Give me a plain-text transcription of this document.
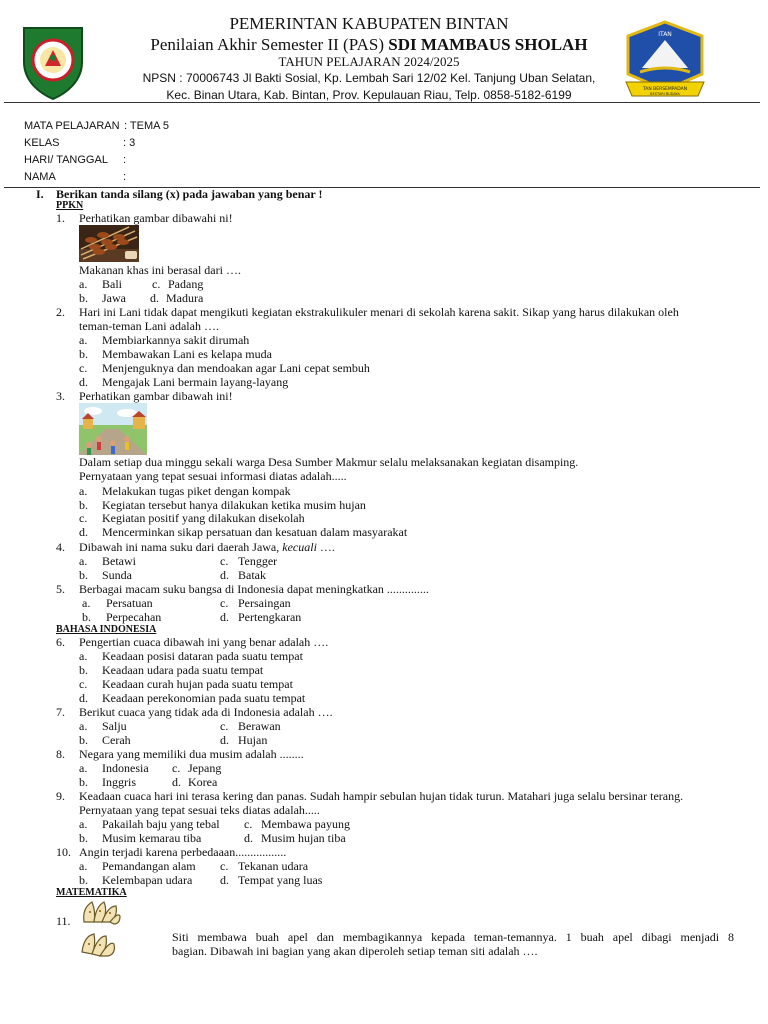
PEMERINTAN KABUPATEN BINTAN
Penilaian Akhir Semester II (PAS) SDI MAMBAUS SHOLAH
TAHUN PELAJARAN 2024/2025
NPSN : 70006743 Jl Bakti Sosial, Kp. Lembah Sari 12/02 Kel. Tanjung Uban Selatan,
Kec. Binan Utara, Kab. Bintan, Prov. Kepulauan Riau, Telp. 0858-5182-6199
ITAN
TAN BERSEMPADAN
BESTARI BUDAYA
MATA PELAJARAN : TEMA 5
KELAS	: 3
HARI/ TANGGAL :
NAMA	:
I. Berikan tanda silang (x) pada jawaban yang benar !
PPKN
1. Perhatikan gambar dibawahi ni!
Makanan khas ini berasal dari ….
a. Bali	c. Padang
b. Jawa d. Madura
2. Hari ini Lani tidak dapat mengikuti kegiatan ekstrakulikuler menari di sekolah karena sakit. Sikap yang harus dilakukan oleh
teman-teman Lani adalah ….
a. Membiarkannya sakit dirumah
b. Membawakan Lani es kelapa muda
c. Menjenguknya dan mendoakan agar Lani cepat sembuh
d. Mengajak Lani bermain layang-layang
3. Perhatikan gambar dibawah ini!
Dalam setiap dua minggu sekali warga Desa Sumber Makmur selalu melaksanakan kegiatan disamping.
Pernyataan yang tepat sesuai informasi diatas adalah.....
a. Melakukan tugas piket dengan kompak
b. Kegiatan tersebut hanya dilakukan ketika musim hujan
c. Kegiatan positif yang dilakukan disekolah
d. Mencerminkan sikap persatuan dan kesatuan dalam masyarakat
4. Dibawah ini nama suku dari daerah Jawa, kecuali ….
a. Betawi	c. Tengger
b. Sunda	d. Batak
5. Berbagai macam suku bangsa di Indonesia dapat meningkatkan ..............
a. Persatuan	c. Persaingan
b. Perpecahan	d. Pertengkaran
BAHASA INDONESIA
6. Pengertian cuaca dibawah ini yang benar adalah ….
a. Keadaan posisi dataran pada suatu tempat
b. Keadaan udara pada suatu tempat
c. Keadaan curah hujan pada suatu tempat
d. Keadaan perekonomian pada suatu tempat
7. Berikut cuaca yang tidak ada di Indonesia adalah ….
a. Salju	c. Berawan
b. Cerah	d. Hujan
8. Negara yang memiliki dua musim adalah ........
a. Indonesia c. Jepang
b. Inggris	d. Korea
9. Keadaan cuaca hari ini terasa kering dan panas. Sudah hampir sebulan hujan tidak turun. Matahari juga selalu bersinar terang.
Pernyataan yang tepat sesuai teks diatas adalah.....
a. Pakailah baju yang tebal c. Membawa payung
b. Musim kemarau tiba	d. Musim hujan tiba
10. Angin terjadi karena perbedaaan.................
a. Pemandangan alam c. Tekanan udara
b. Kelembapan udara d. Tempat yang luas
MATEMATIKA
11.
Siti membawa buah apel dan membagikannya kepada teman-temannya. 1 buah apel dibagi menjadi 8
bagian. Dibawah ini bagian yang akan diperoleh setiap teman siti adalah ….
